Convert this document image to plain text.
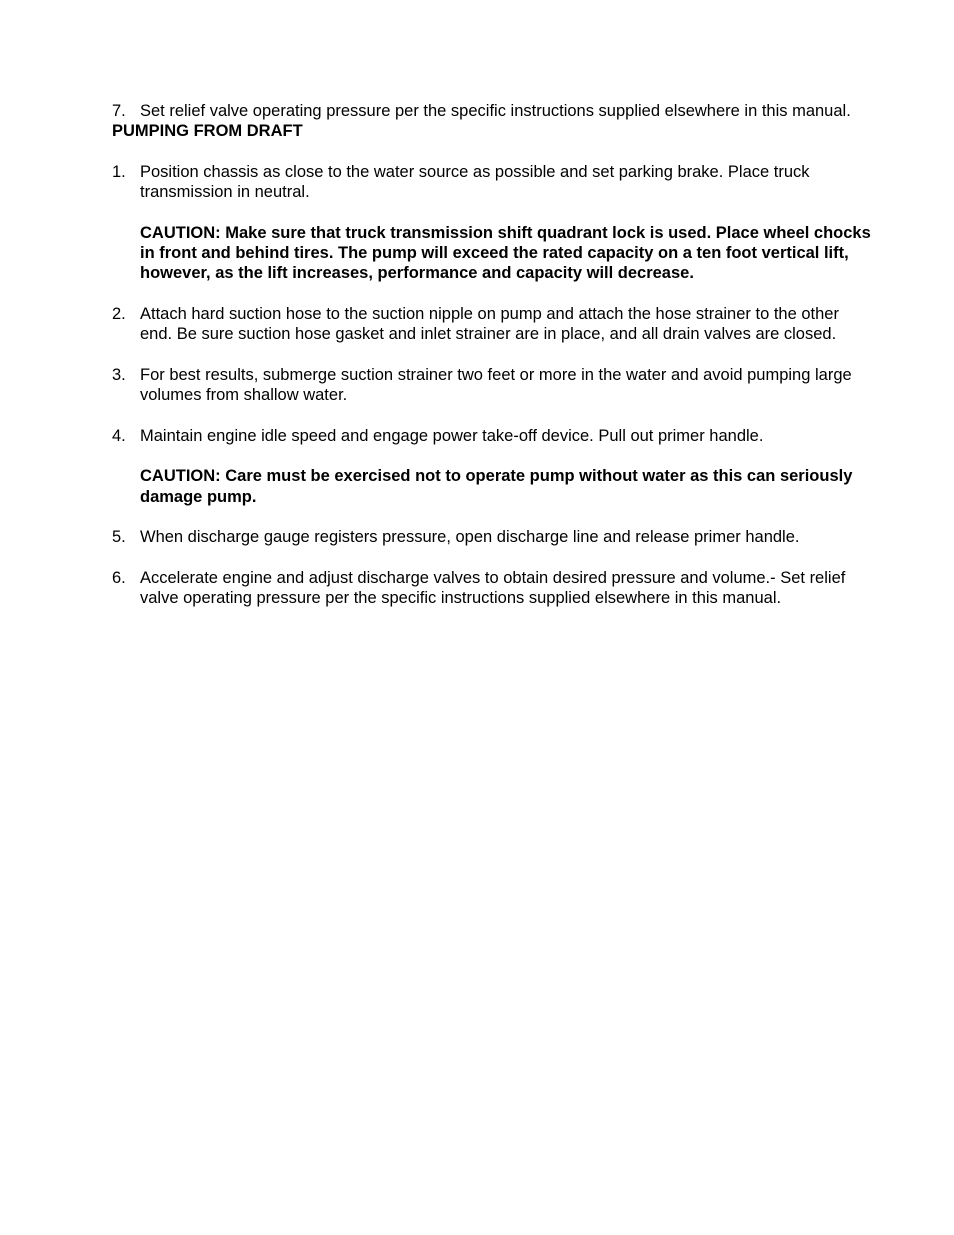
7. Set relief valve operating pressure per the specific instructions supplied elsewhere in this manual.
PUMPING FROM DRAFT
1. Position chassis as close to the water source as possible and set parking brake. Place truck transmission in neutral.
CAUTION: Make sure that truck transmission shift quadrant lock is used. Place wheel chocks in front and behind tires. The pump will exceed the rated capacity on a ten foot vertical lift, however, as the lift increases, performance and capacity will decrease.
2. Attach hard suction hose to the suction nipple on pump and attach the hose strainer to the other end. Be sure suction hose gasket and inlet strainer are in place, and all drain valves are closed.
3. For best results, submerge suction strainer two feet or more in the water and avoid pumping large volumes from shallow water.
4. Maintain engine idle speed and engage power take-off device. Pull out primer handle.
CAUTION: Care must be exercised not to operate pump without water as this can seriously damage pump.
5. When discharge gauge registers pressure, open discharge line and release primer handle.
6. Accelerate engine and adjust discharge valves to obtain desired pressure and volume.- Set relief valve operating pressure per the specific instructions supplied elsewhere in this manual.
